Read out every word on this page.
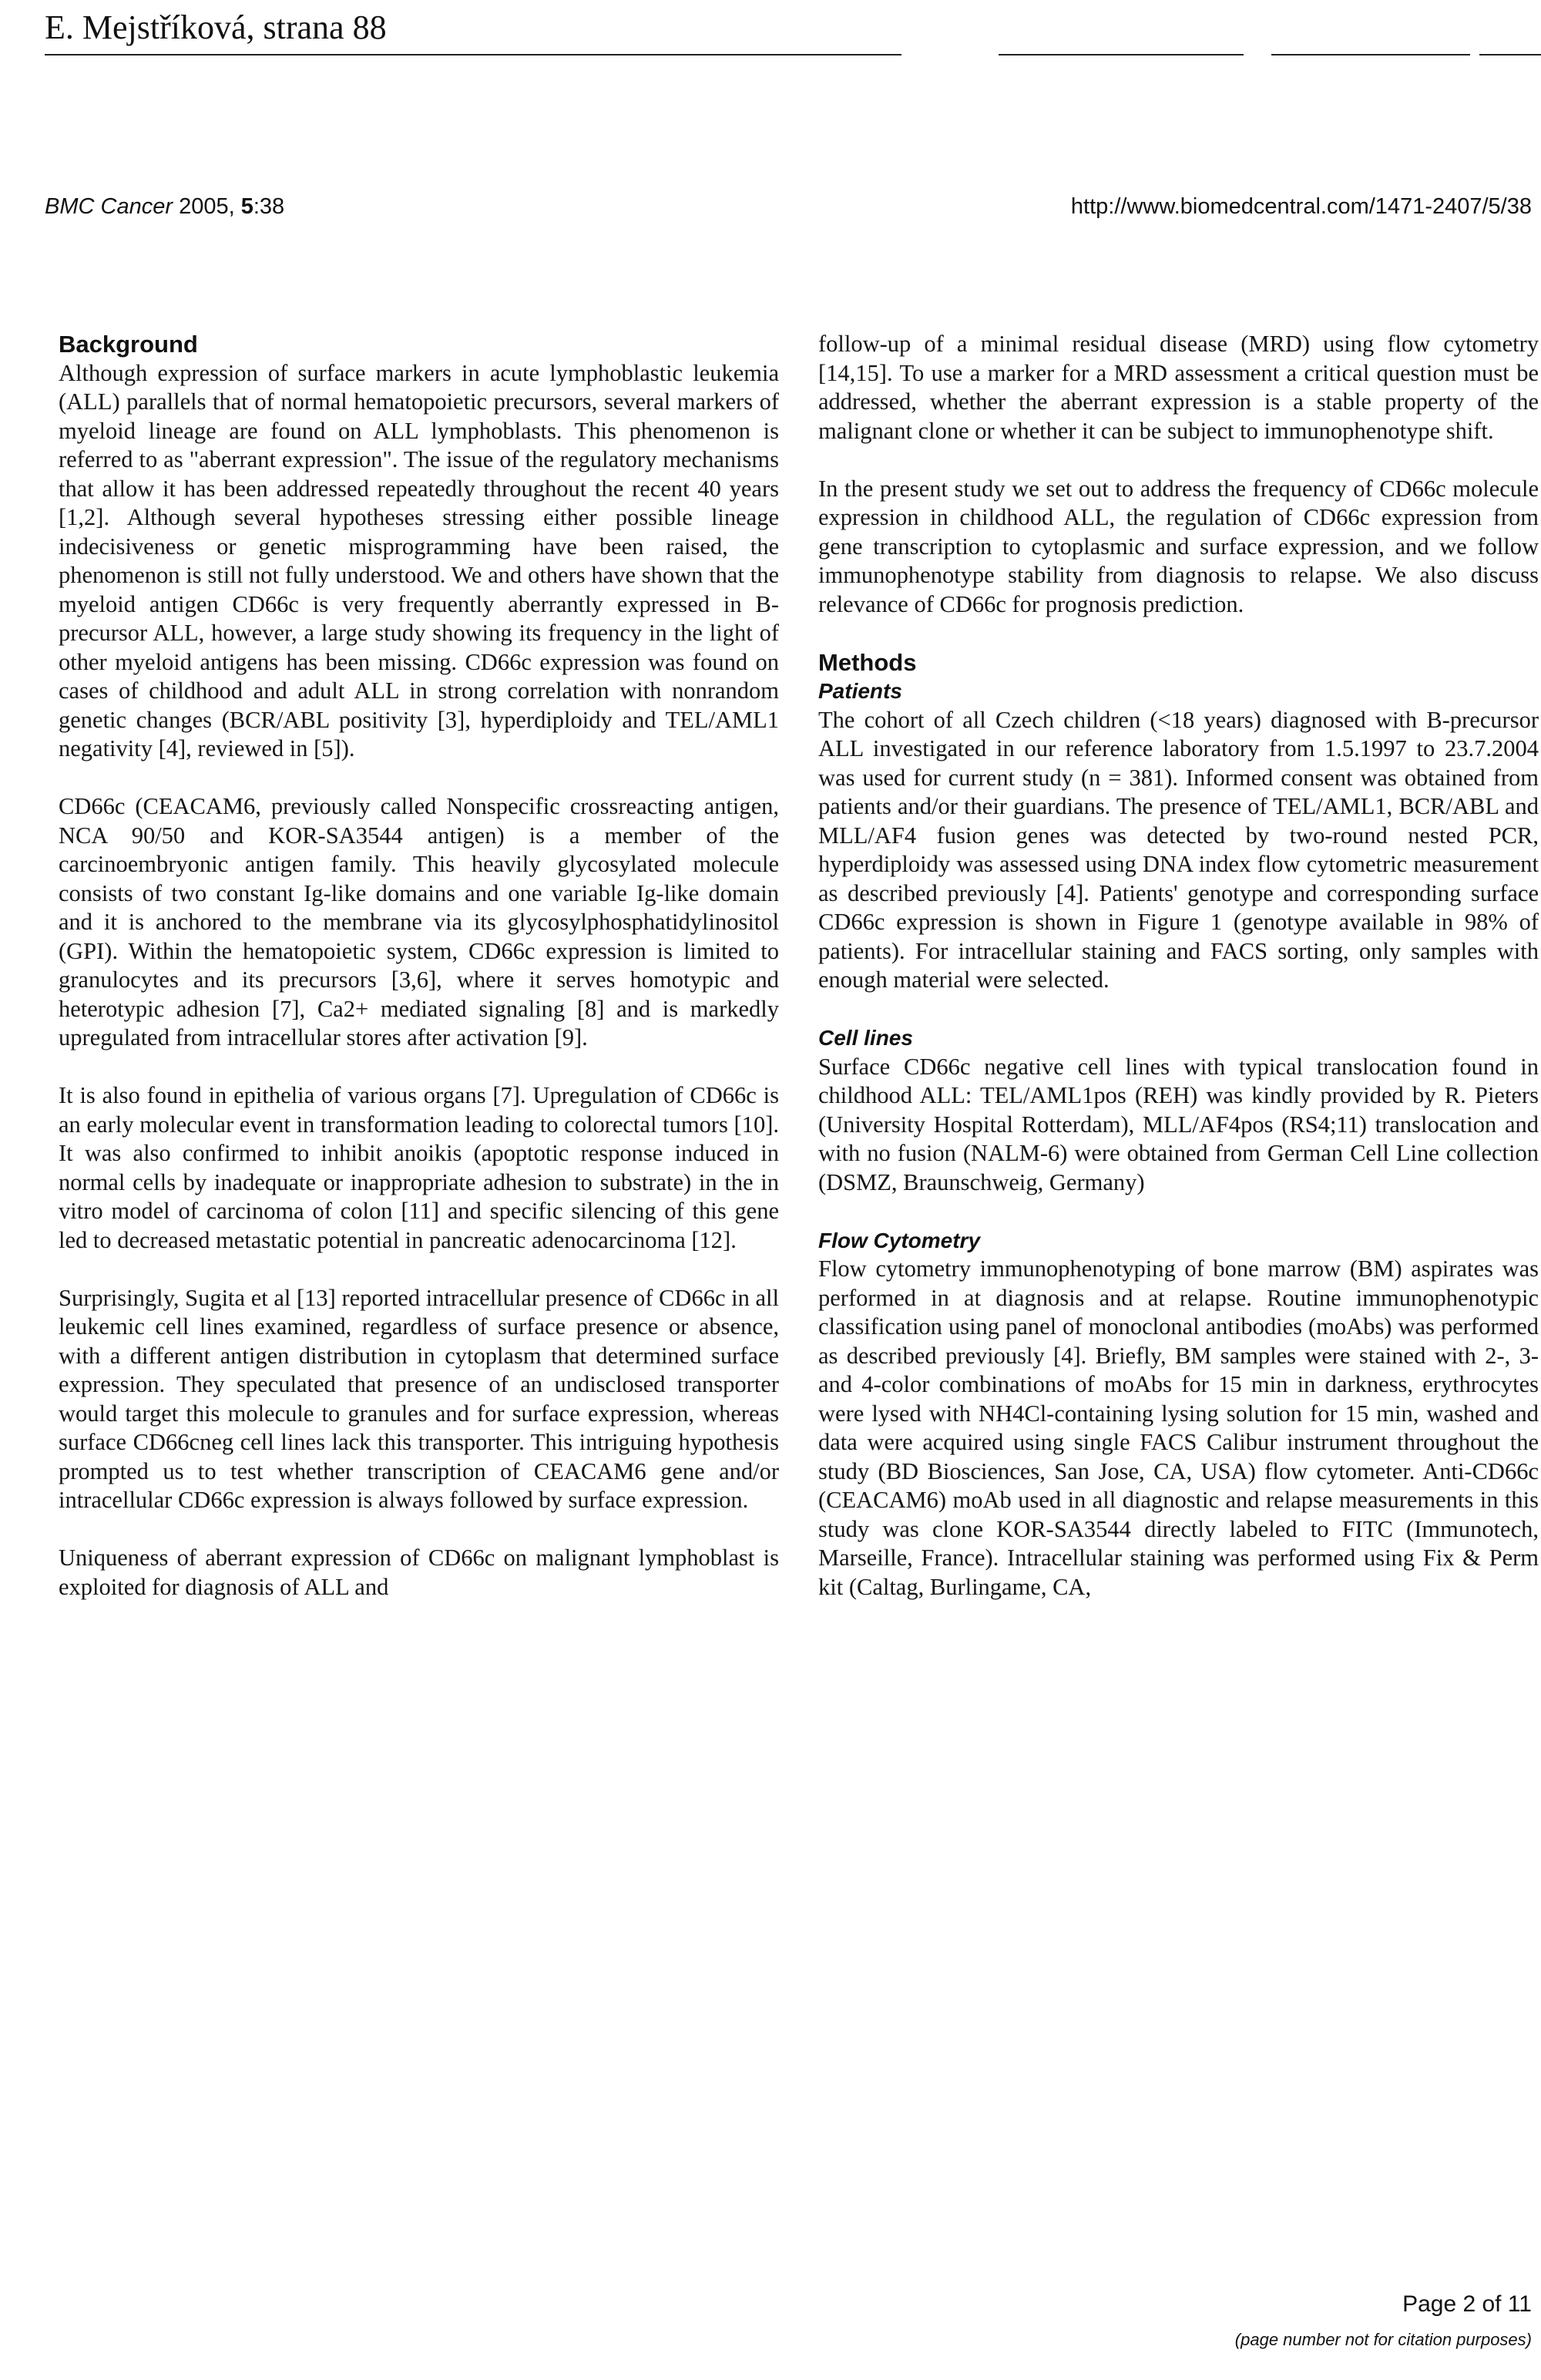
E. Mejstříková, strana 88
BMC Cancer 2005, 5:38	http://www.biomedcentral.com/1471-2407/5/38
Background

Although expression of surface markers in acute lymphoblastic leukemia (ALL) parallels that of normal hematopoietic precursors, several markers of myeloid lineage are found on ALL lymphoblasts. This phenomenon is referred to as "aberrant expression". The issue of the regulatory mechanisms that allow it has been addressed repeatedly throughout the recent 40 years [1,2]. Although several hypotheses stressing either possible lineage indecisiveness or genetic misprogramming have been raised, the phenomenon is still not fully understood. We and others have shown that the myeloid antigen CD66c is very frequently aberrantly expressed in B-precursor ALL, however, a large study showing its frequency in the light of other myeloid antigens has been missing. CD66c expression was found on cases of childhood and adult ALL in strong correlation with nonrandom genetic changes (BCR/ABL positivity [3], hyperdiploidy and TEL/AML1 negativity [4], reviewed in [5]).

CD66c (CEACAM6, previously called Nonspecific crossreacting antigen, NCA 90/50 and KOR-SA3544 antigen) is a member of the carcinoembryonic antigen family. This heavily glycosylated molecule consists of two constant Ig-like domains and one variable Ig-like domain and it is anchored to the membrane via its glycosylphosphatidylinositol (GPI). Within the hematopoietic system, CD66c expression is limited to granulocytes and its precursors [3,6], where it serves homotypic and heterotypic adhesion [7], Ca2+ mediated signaling [8] and is markedly upregulated from intracellular stores after activation [9].

It is also found in epithelia of various organs [7]. Upregulation of CD66c is an early molecular event in transformation leading to colorectal tumors [10]. It was also confirmed to inhibit anoikis (apoptotic response induced in normal cells by inadequate or inappropriate adhesion to substrate) in the in vitro model of carcinoma of colon [11] and specific silencing of this gene led to decreased metastatic potential in pancreatic adenocarcinoma [12].

Surprisingly, Sugita et al [13] reported intracellular presence of CD66c in all leukemic cell lines examined, regardless of surface presence or absence, with a different antigen distribution in cytoplasm that determined surface expression. They speculated that presence of an undisclosed transporter would target this molecule to granules and for surface expression, whereas surface CD66cneg cell lines lack this transporter. This intriguing hypothesis prompted us to test whether transcription of CEACAM6 gene and/or intracellular CD66c expression is always followed by surface expression.

Uniqueness of aberrant expression of CD66c on malignant lymphoblast is exploited for diagnosis of ALL and

follow-up of a minimal residual disease (MRD) using flow cytometry [14,15]. To use a marker for a MRD assessment a critical question must be addressed, whether the aberrant expression is a stable property of the malignant clone or whether it can be subject to immunophenotype shift.

In the present study we set out to address the frequency of CD66c molecule expression in childhood ALL, the regulation of CD66c expression from gene transcription to cytoplasmic and surface expression, and we follow immunophenotype stability from diagnosis to relapse. We also discuss relevance of CD66c for prognosis prediction.

Methods
Patients

The cohort of all Czech children (<18 years) diagnosed with B-precursor ALL investigated in our reference laboratory from 1.5.1997 to 23.7.2004 was used for current study (n = 381). Informed consent was obtained from patients and/or their guardians. The presence of TEL/AML1, BCR/ABL and MLL/AF4 fusion genes was detected by two-round nested PCR, hyperdiploidy was assessed using DNA index flow cytometric measurement as described previously [4]. Patients' genotype and corresponding surface CD66c expression is shown in Figure 1 (genotype available in 98% of patients). For intracellular staining and FACS sorting, only samples with enough material were selected.

Cell lines

Surface CD66c negative cell lines with typical translocation found in childhood ALL: TEL/AML1pos (REH) was kindly provided by R. Pieters (University Hospital Rotterdam), MLL/AF4pos (RS4;11) translocation and with no fusion (NALM-6) were obtained from German Cell Line collection (DSMZ, Braunschweig, Germany)

Flow Cytometry

Flow cytometry immunophenotyping of bone marrow (BM) aspirates was performed in at diagnosis and at relapse. Routine immunophenotypic classification using panel of monoclonal antibodies (moAbs) was performed as described previously [4]. Briefly, BM samples were stained with 2-, 3- and 4-color combinations of moAbs for 15 min in darkness, erythrocytes were lysed with NH4Cl-containing lysing solution for 15 min, washed and data were acquired using single FACS Calibur instrument throughout the study (BD Biosciences, San Jose, CA, USA) flow cytometer. Anti-CD66c (CEACAM6) moAb used in all diagnostic and relapse measurements in this study was clone KOR-SA3544 directly labeled to FITC (Immunotech, Marseille, France). Intracellular staining was performed using Fix & Perm kit (Caltag, Burlingame, CA,

Page 2 of 11
(page number not for citation purposes)
